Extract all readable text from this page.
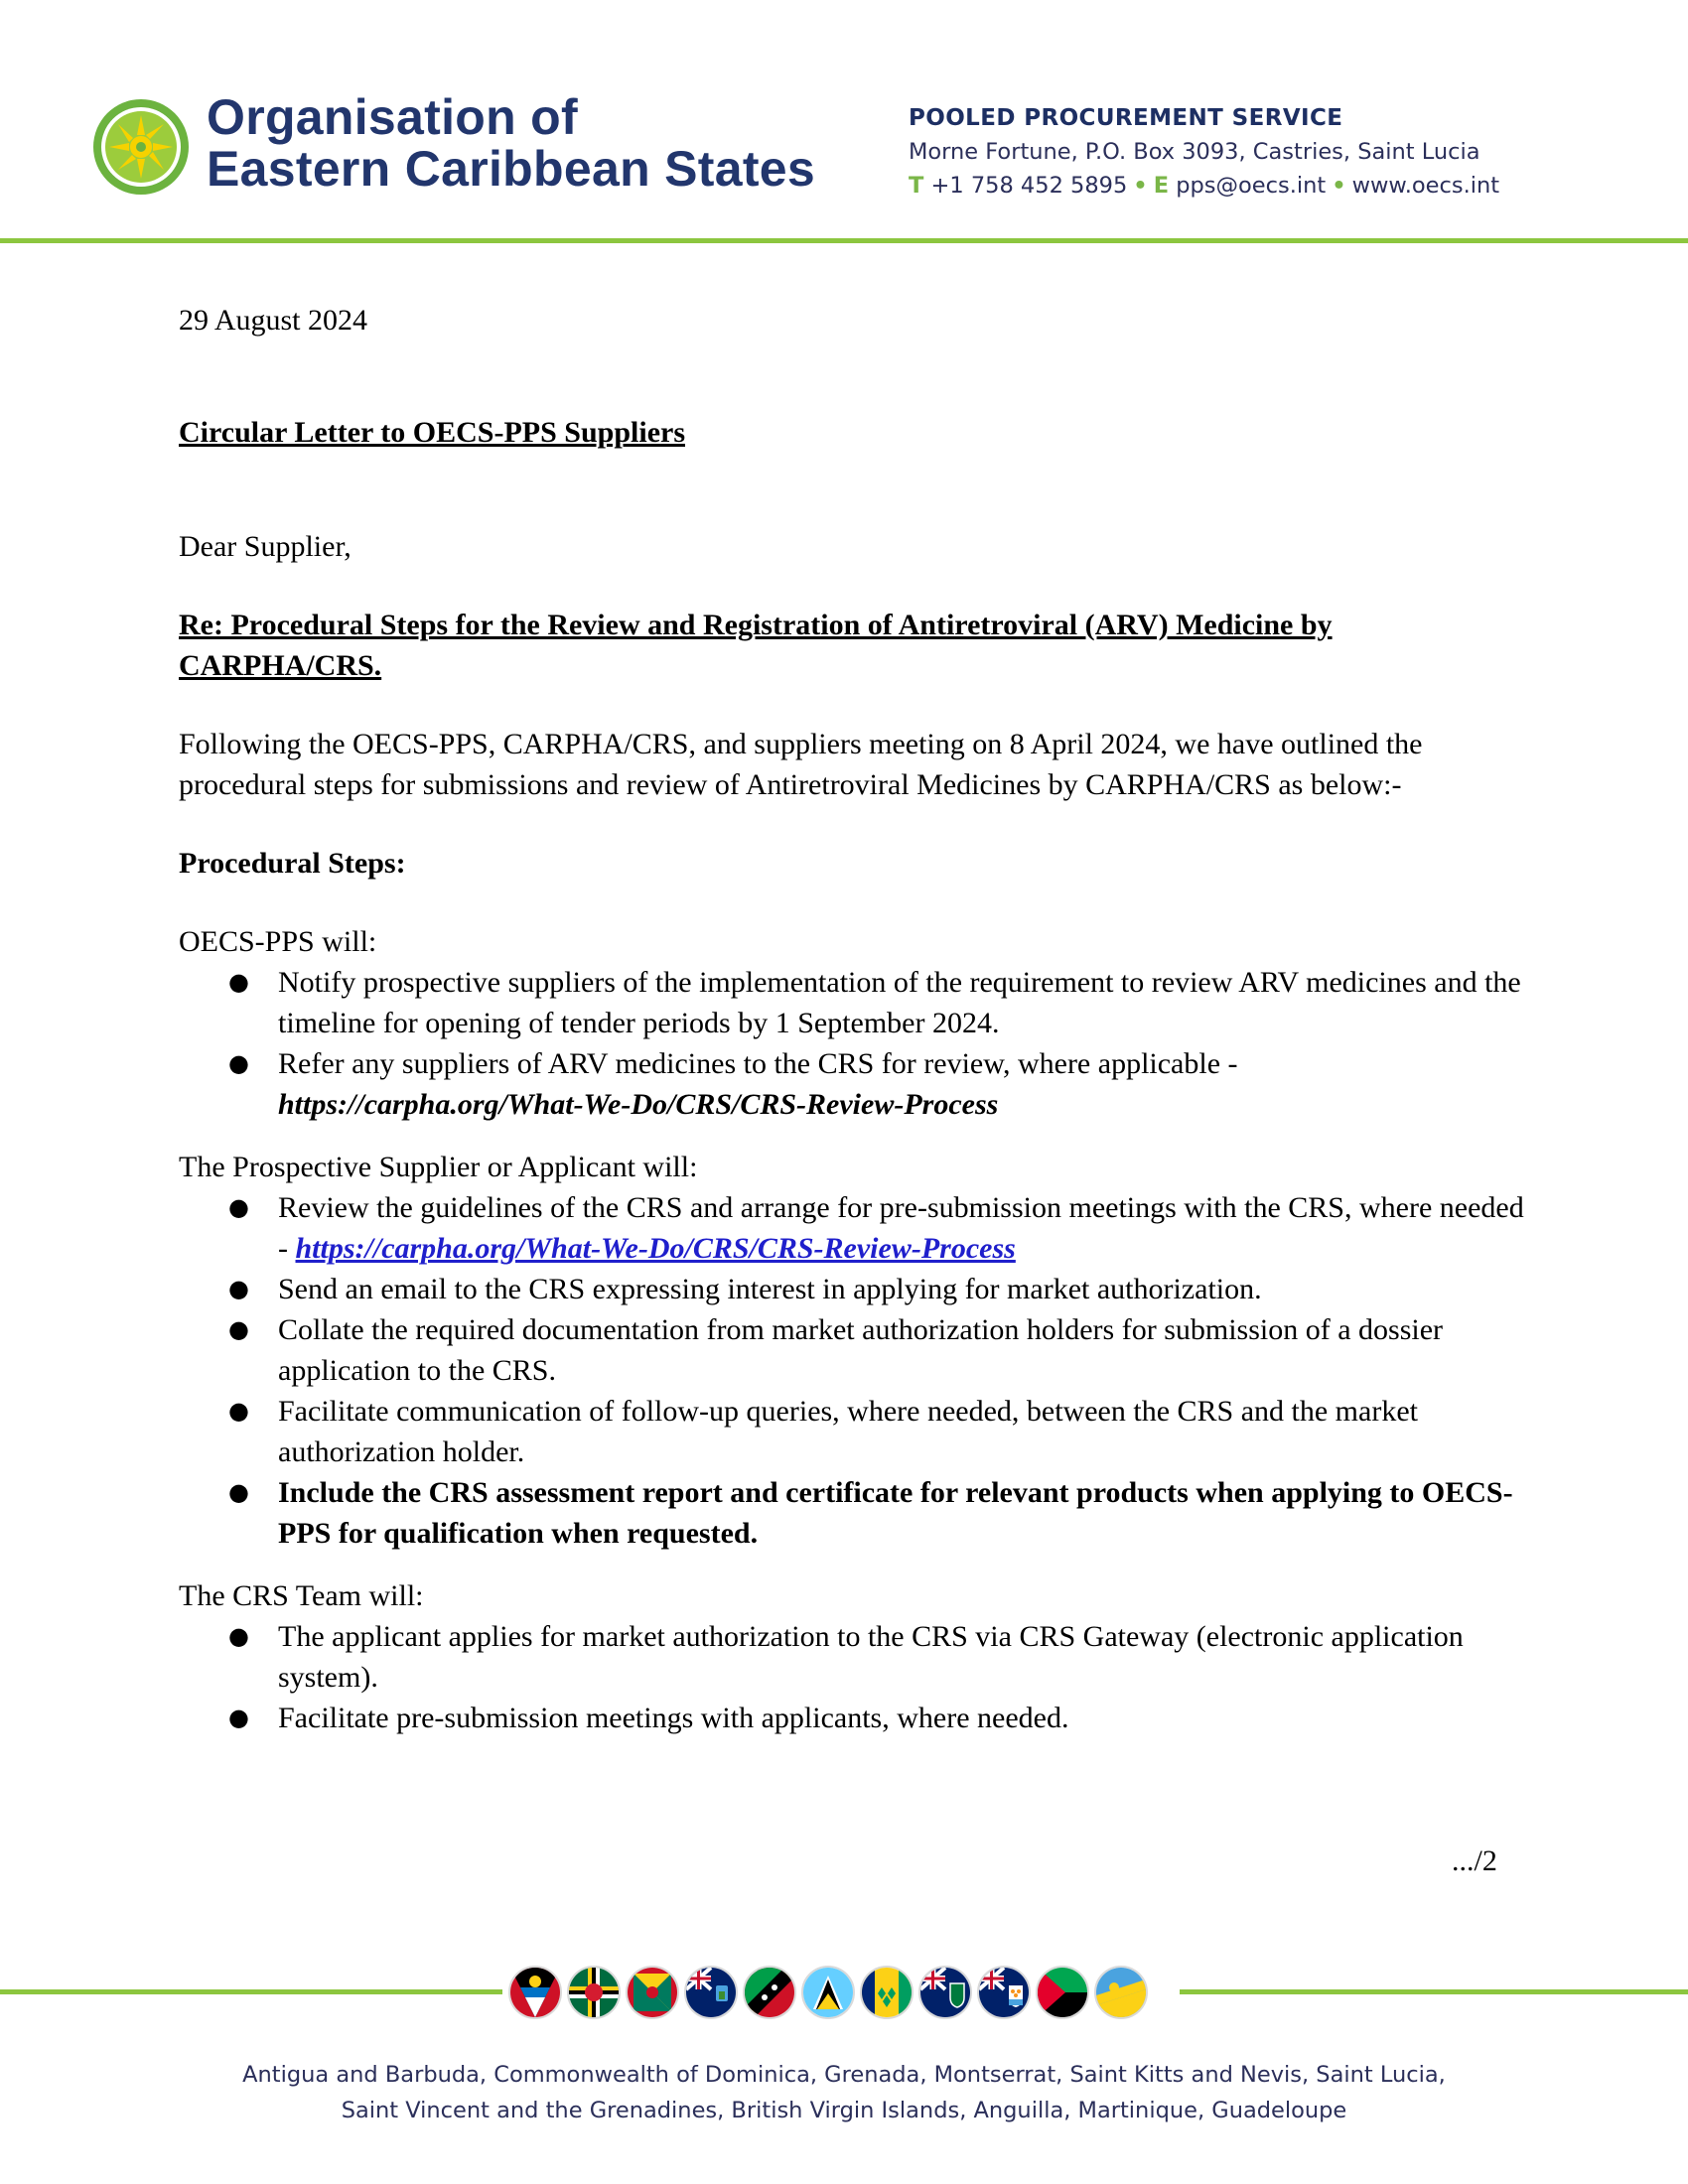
Organisation of
Eastern Caribbean States
POOLED PROCUREMENT SERVICE
Morne Fortune, P.O. Box 3093, Castries, Saint Lucia
T +1 758 452 5895 • E pps@oecs.int • www.oecs.int

29 August 2024

Circular Letter to OECS-PPS Suppliers

Dear Supplier,

Re: Procedural Steps for the Review and Registration of Antiretroviral (ARV) Medicine by CARPHA/CRS.

Following the OECS-PPS, CARPHA/CRS, and suppliers meeting on 8 April 2024, we have outlined the procedural steps for submissions and review of Antiretroviral Medicines by CARPHA/CRS as below:-

Procedural Steps:

OECS-PPS will:

● Notify prospective suppliers of the implementation of the requirement to review ARV medicines and the timeline for opening of tender periods by 1 September 2024.
● Refer any suppliers of ARV medicines to the CRS for review, where applicable -
https://carpha.org/What-We-Do/CRS/CRS-Review-Process

The Prospective Supplier or Applicant will:

● Review the guidelines of the CRS and arrange for pre-submission meetings with the CRS, where needed - https://carpha.org/What-We-Do/CRS/CRS-Review-Process
● Send an email to the CRS expressing interest in applying for market authorization.
● Collate the required documentation from market authorization holders for submission of a dossier application to the CRS.
● Facilitate communication of follow-up queries, where needed, between the CRS and the market authorization holder.
● Include the CRS assessment report and certificate for relevant products when applying to OECS-PPS for qualification when requested.

The CRS Team will:

● The applicant applies for market authorization to the CRS via CRS Gateway (electronic application system).
● Facilitate pre-submission meetings with applicants, where needed.
.../2
Antigua and Barbuda, Commonwealth of Dominica, Grenada, Montserrat, Saint Kitts and Nevis, Saint Lucia,
Saint Vincent and the Grenadines, British Virgin Islands, Anguilla, Martinique, Guadeloupe
